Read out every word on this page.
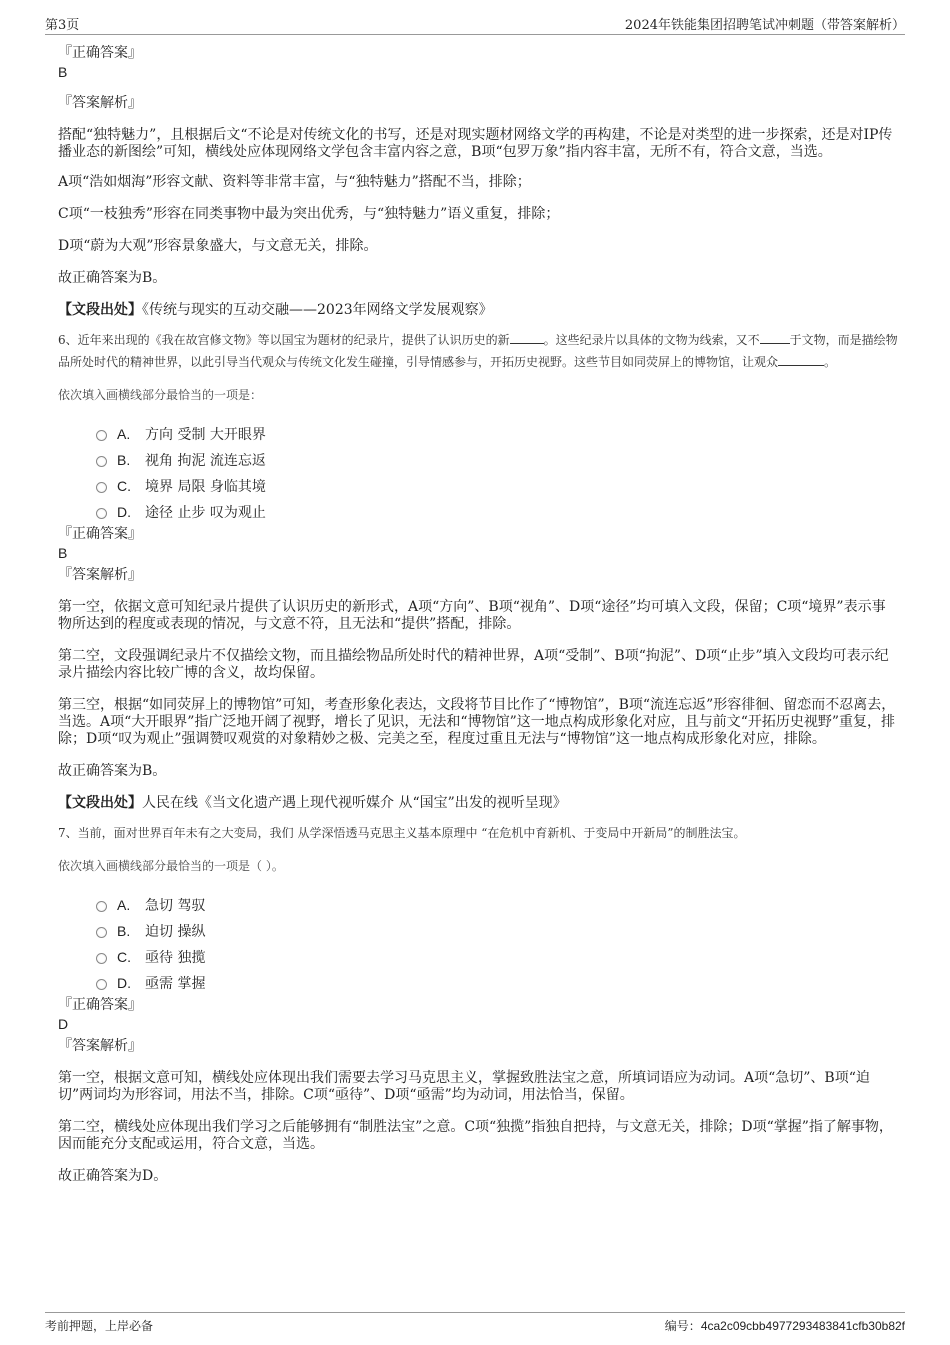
第3页	2024年铁能集团招聘笔试冲刺题（带答案解析）
『正确答案』
B
『答案解析』

搭配“独特魅力”，且根据后文“不论是对传统文化的书写，还是对现实题材网络文学的再构建，不论是对类型的进一步探索，还是对IP传播业态的新图绘”可知，横线处应体现网络文学包含丰富内容之意，B项“包罗万象”指内容丰富，无所不有，符合文意，当选。

A项“浩如烟海”形容文献、资料等非常丰富，与“独特魅力”搭配不当，排除；

C项“一枝独秀”形容在同类事物中最为突出优秀，与“独特魅力”语义重复，排除；

D项“蔚为大观”形容景象盛大，与文意无关，排除。

故正确答案为B。

【文段出处】《传统与现实的互动交融——2023年网络文学发展观察》

6、近年来出现的《我在故宫修文物》等以国宝为题材的纪录片，提供了认识历史的新	。这些纪录片以具体的文物为线索，又不	于文物，而是描绘物品所处时代的精神世界，以此引导当代观众与传统文化发生碰撞，引导情感参与，开拓历史视野。这些节目如同荧屏上的博物馆，让观众	。

依次填入画横线部分最恰当的一项是：

A.	方向 受制 大开眼界
B.	视角 拘泥 流连忘返
C.	境界 局限 身临其境
D.	途径 止步 叹为观止
『正确答案』
B
『答案解析』

第一空，依据文意可知纪录片提供了认识历史的新形式，A项“方向”、B项“视角”、D项“途径”均可填入文段，保留；C项“境界”表示事物所达到的程度或表现的情况，与文意不符，且无法和“提供”搭配，排除。

第二空，文段强调纪录片不仅描绘文物，而且描绘物品所处时代的精神世界，A项“受制”、B项“拘泥”、D项“止步”填入文段均可表示纪录片描绘内容比较广博的含义，故均保留。

第三空，根据“如同荧屏上的博物馆”可知，考查形象化表达，文段将节目比作了“博物馆”，B项“流连忘返”形容徘徊、留恋而不忍离去，当选。A项“大开眼界”指广泛地开阔了视野，增长了见识，无法和“博物馆”这一地点构成形象化对应，且与前文“开拓历史视野”重复，排除；D项“叹为观止”强调赞叹观赏的对象精妙之极、完美之至，程度过重且无法与“博物馆”这一地点构成形象化对应，排除。

故正确答案为B。

【文段出处】人民在线《当文化遗产遇上现代视听媒介 从“国宝”出发的视听呈现》

7、当前，面对世界百年未有之大变局，我们 从学深悟透马克思主义基本原理中 “在危机中育新机、于变局中开新局”的制胜法宝。

依次填入画横线部分最恰当的一项是（ ）。

A.	急切 驾驭
B.	迫切 操纵
C.	亟待 独揽
D.	亟需 掌握
『正确答案』
D
『答案解析』

第一空，根据文意可知，横线处应体现出我们需要去学习马克思主义，掌握致胜法宝之意，所填词语应为动词。A项“急切”、B项“迫切”两词均为形容词，用法不当，排除。C项“亟待”、D项“亟需”均为动词，用法恰当，保留。

第二空，横线处应体现出我们学习之后能够拥有“制胜法宝”之意。C项“独揽”指独自把持，与文意无关，排除；D项“掌握”指了解事物，因而能充分支配或运用，符合文意，当选。

故正确答案为D。

考前押题，上岸必备	编号：4ca2c09cbb4977293483841cfb30b82f
